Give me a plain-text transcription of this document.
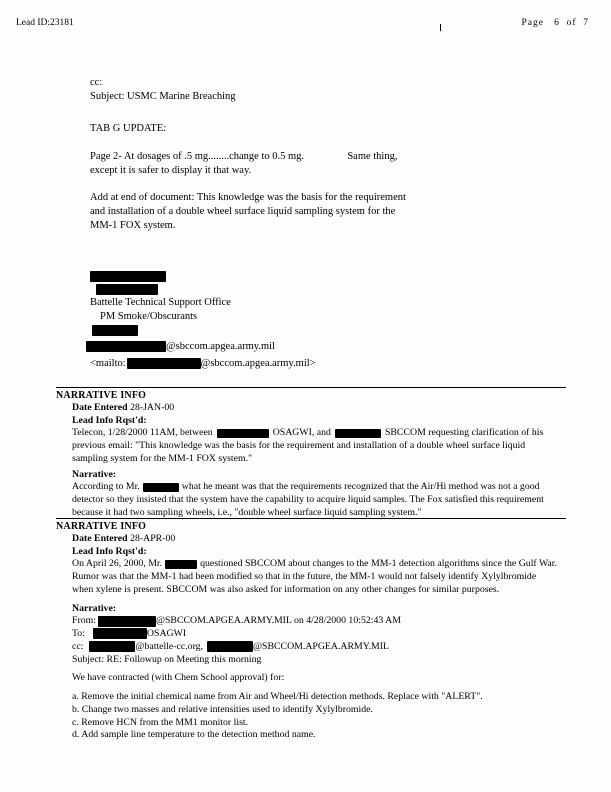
Lead ID:23181	Page 6 of 7

cc:

Subject: USMC Marine Breaching

TAB G UPDATE:

Page 2- At dosages of .5 mg........change to 0.5 mg.	Same thing,

except it is safer to display it that way.

Add at end of document: This knowledge was the basis for the requirement

and installation of a double wheel surface liquid sampling system for the

MM-1 FOX system.

Battelle Technical Support Office
PM Smoke/Obscurants
@sbccom.apgea.army.mil
<mailto:	@sbccom.apgea.army.mil>

NARRATIVE INFO

Date Entered 28-JAN-00

Lead Info Rqst'd:

Telecon, 1/28/2000 11AM, between	OSAGWI, and	SBCCOM requesting clarification of his

previous email: "This knowledge was the basis for the requirement and installation of a double wheel surface liquid

sampling system for the MM-1 FOX system."

Narrative:

According to Mr.	what he meant was that the requirements recognized that the Air/Hi method was not a good

detector so they insisted that the system have the capability to acquire liquid samples. The Fox satisfied this requirement

because it had two sampling wheels, i.e., "double wheel surface liquid sampling system."

NARRATIVE INFO

Date Entered 28-APR-00

Lead Info Rqst'd:

On April 26, 2000, Mr.	questioned SBCCOM about changes to the MM-1 detection algorithms since the Gulf War.

Rumor was that the MM-1 had been modified so that in the future, the MM-1 would not falsely identify Xylylbromide

when xylene is present. SBCCOM was also asked for information on any other changes for similar purposes.

Narrative:

From:	@SBCCOM.APGEA.ARMY.MIL on 4/28/2000 10:52:43 AM

To:	OSAGWI

cc:	@battelle-cc.org,	@SBCCOM.APGEA.ARMY.MIL

Subject: RE: Followup on Meeting this morning

We have contracted (with Chem School approval) for:

a. Remove the initial chemical name from Air and Wheel/Hi detection methods. Replace with "ALERT".

b. Change two masses and relative intensities used to identify Xylylbromide.

c. Remove HCN from the MM1 monitor list.

d. Add sample line temperature to the detection method name.
